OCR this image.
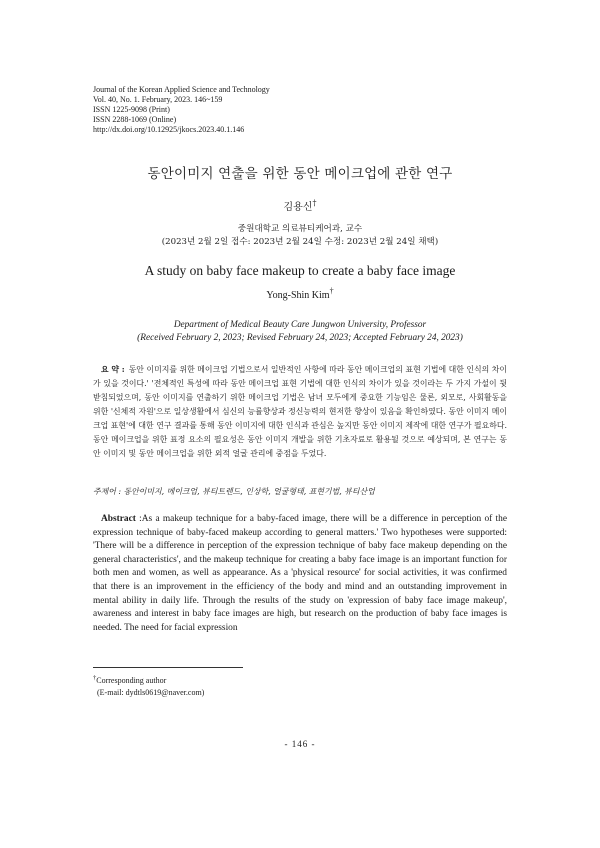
Journal of the Korean Applied Science and Technology
Vol. 40, No. 1. February, 2023. 146~159
ISSN 1225-9098 (Print)
ISSN 2288-1069 (Online)
http://dx.doi.org/10.12925/jkocs.2023.40.1.146
동안이미지 연출을 위한 동안 메이크업에 관한 연구
김용신†
중원대학교 의료뷰티케어과, 교수
(2023년 2월 2일 접수: 2023년 2월 24일 수정: 2023년 2월 24일 채택)
A study on baby face makeup to create a baby face image
Yong-Shin Kim†
Department of Medical Beauty Care Jungwon University, Professor
(Received February 2, 2023; Revised February 24, 2023; Accepted February 24, 2023)
요 약 : 동안 이미지를 위한 메이크업 기법으로서 일반적인 사항에 따라 동안 메이크업의 표현 기법에 대한 인식의 차이가 있을 것이다.' '전체적인 특성에 따라 동안 메이크업 표현 기법에 대한 인식의 차이가 있을 것이라는 두 가지 가설이 뒷받침되었으며, 동안 이미지를 연출하기 위한 메이크업 기법은 남녀 모두에게 중요한 기능임은 물론, 외모로, 사회활동을 위한 '신체적 자원'으로 일상생활에서 심신의 능률향상과 정신능력의 현저한 향상이 있음을 확인하였다. 동안 이미지 메이크업 표현'에 대한 연구 결과를 통해 동안 이미지에 대한 인식과 관심은 높지만 동안 이미지 제작에 대한 연구가 필요하다. 동안 메이크업을 위한 표정 요소의 필요성은 동안 이미지 개발을 위한 기초자료로 활용될 것으로 예상되며, 본 연구는 동안 이미지 및 동안 메이크업을 위한 외적 얼굴 관리에 중점을 두었다.
주제어 : 동안이미지, 메이크업, 뷰티트렌드, 인상학, 얼굴형태, 표현기법, 뷰티산업
Abstract :As a makeup technique for a baby-faced image, there will be a difference in perception of the expression technique of baby-faced makeup according to general matters.' Two hypotheses were supported: 'There will be a difference in perception of the expression technique of baby face makeup depending on the general characteristics', and the makeup technique for creating a baby face image is an important function for both men and women, as well as appearance. As a 'physical resource' for social activities, it was confirmed that there is an improvement in the efficiency of the body and mind and an outstanding improvement in mental ability in daily life. Through the results of the study on 'expression of baby face image makeup', awareness and interest in baby face images are high, but research on the production of baby face images is needed. The need for facial expression
†Corresponding author
(E-mail: dydtls0619@naver.com)
- 146 -
